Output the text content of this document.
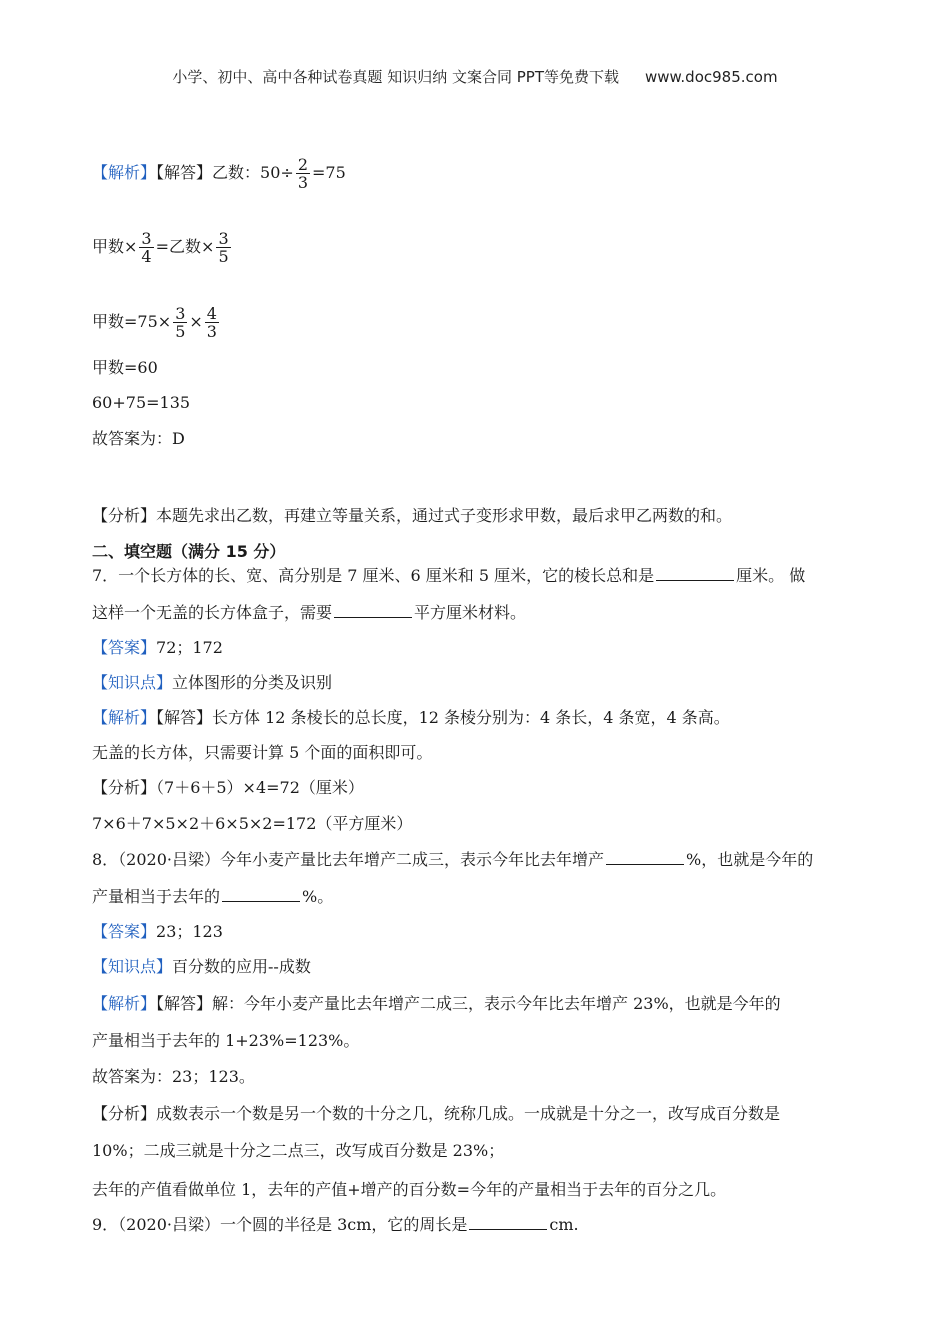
小学、初中、高中各种试卷真题 知识归纳 文案合同 PPT等免费下载 www.doc985.com
【解析】【解答】乙数：$50\div \frac{2}{3} =75$
甲数× $\frac{3}{4}$ =乙数× $\frac{3}{5}$
甲数$=75\times \frac{3}{5} \times \frac{4}{3}$
甲数=60
60+75=135
故答案为：D
【分析】本题先求出乙数，再建立等量关系，通过式子变形求甲数，最后求甲乙两数的和。
二、填空题（满分 15 分）
7．一个长方体的长、宽、高分别是 7 厘米、6 厘米和 5 厘米，它的棱长总和是	厘米。 做
这样一个无盖的长方体盒子，需要	平方厘米材料。
【答案】72；172
【知识点】立体图形的分类及识别
【解析】【解答】长方体 12 条棱长的总长度，12 条棱分别为：4 条长，4 条宽，4 条高。
无盖的长方体，只需要计算 5 个面的面积即可。
【分析】（7＋6＋5）×4=72（厘米）
7×6＋7×5×2＋6×5×2=172（平方厘米）
8．（2020·吕梁）今年小麦产量比去年增产二成三，表示今年比去年增产	%，也就是今年的
产量相当于去年的	%。
【答案】23；123
【知识点】百分数的应用--成数
【解析】【解答】解：今年小麦产量比去年增产二成三，表示今年比去年增产 23%，也就是今年的
产量相当于去年的 1+23%=123%。
故答案为：23；123。
【分析】成数表示一个数是另一个数的十分之几，统称几成。一成就是十分之一，改写成百分数是
10%；二成三就是十分之二点三，改写成百分数是 23%；
去年的产值看做单位 1，去年的产值+增产的百分数=今年的产量相当于去年的百分之几。
9．（2020·吕梁）一个圆的半径是 3cm，它的周长是	cm.
